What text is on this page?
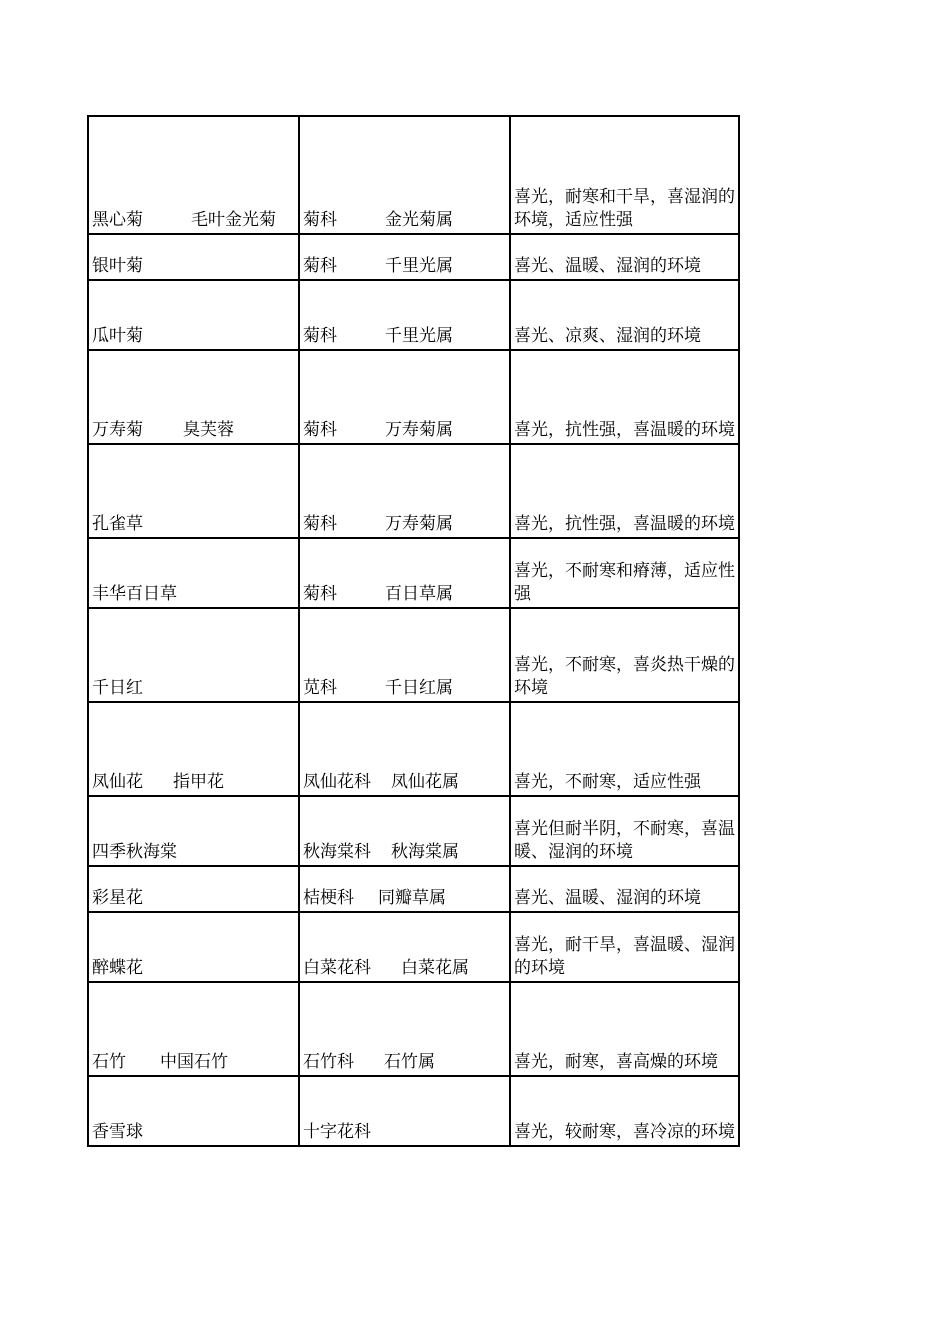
黑心菊 毛叶金光菊	菊科 金光菊属	喜光，耐寒和干旱，喜湿润的环境，适应性强
银叶菊	菊科 千里光属	喜光、温暖、湿润的环境
瓜叶菊	菊科 千里光属	喜光、凉爽、湿润的环境
万寿菊 臭芙蓉	菊科 万寿菊属	喜光，抗性强，喜温暖的环境
孔雀草	菊科 万寿菊属	喜光，抗性强，喜温暖的环境
丰华百日草	菊科 百日草属	喜光，不耐寒和瘠薄，适应性强
千日红	苋科 千日红属	喜光，不耐寒，喜炎热干燥的环境
凤仙花 指甲花	凤仙花科 凤仙花属	喜光，不耐寒，适应性强
四季秋海棠	秋海棠科 秋海棠属	喜光但耐半阴，不耐寒，喜温暖、湿润的环境
彩星花	桔梗科 同瓣草属	喜光、温暖、湿润的环境
醉蝶花	白菜花科 白菜花属	喜光，耐干旱，喜温暖、湿润的环境
石竹 中国石竹	石竹科 石竹属	喜光，耐寒，喜高燥的环境
香雪球	十字花科	喜光，较耐寒，喜冷凉的环境
